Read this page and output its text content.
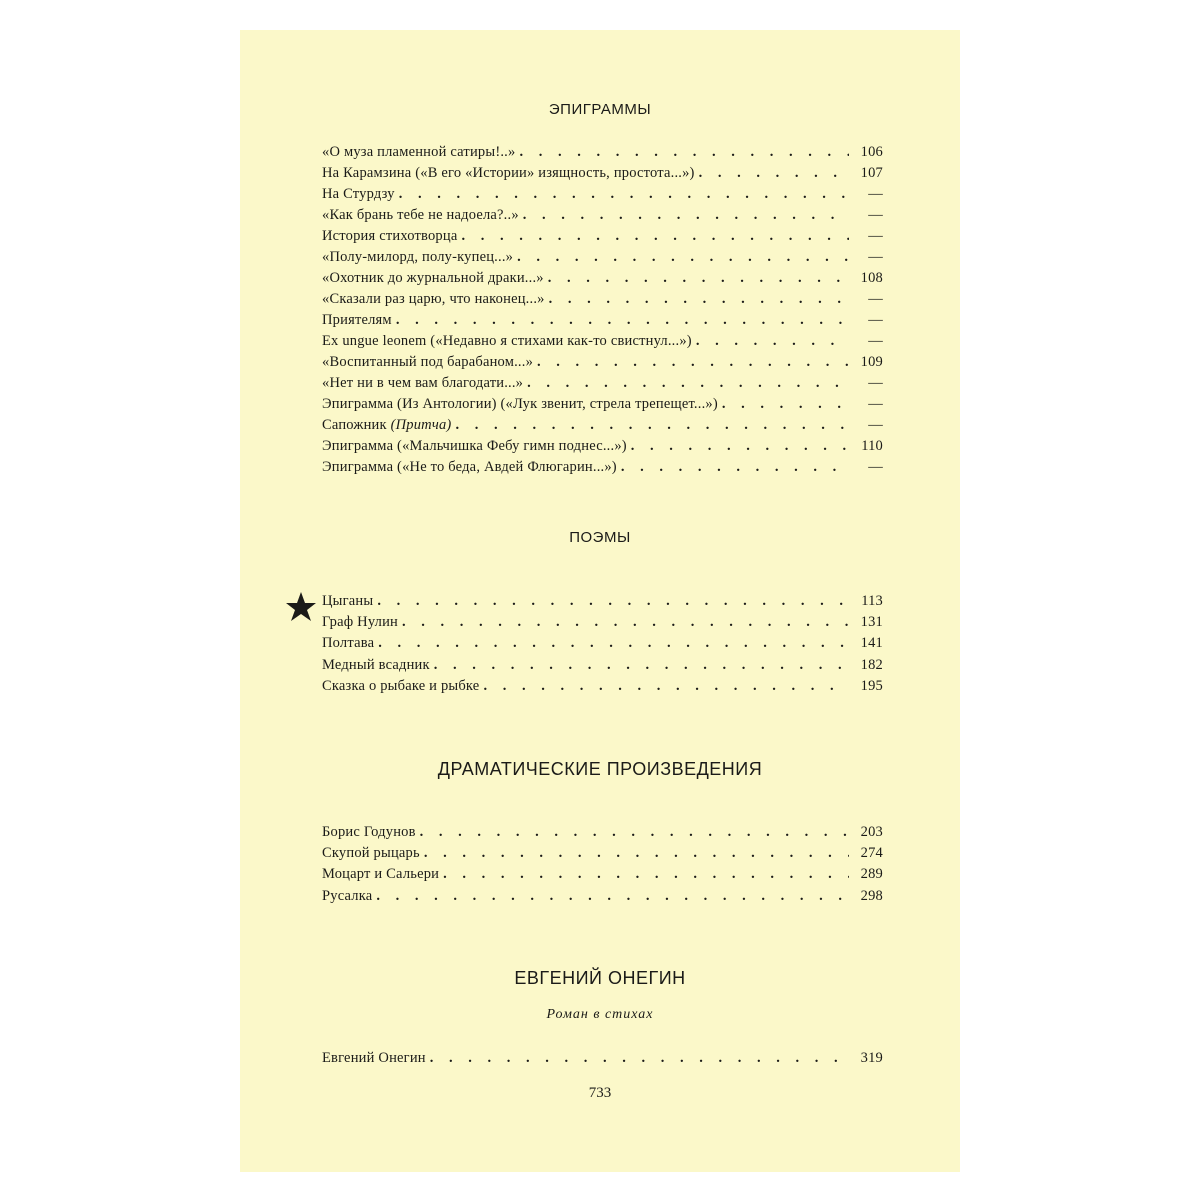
ЭПИГРАММЫ
«О муза пламенной сатиры!..» . . .	106
На Карамзина («В его «Истории» изящность, простота...») . . .	107
На Стурдзу . . .	—
«Как брань тебе не надоела?..» . . .	—
История стихотворца . . .	—
«Полу-милорд, полу-купец...» . . .	—
«Охотник до журнальной драки...» . . .	108
«Сказали раз царю, что наконец...» . . .	—
Приятелям . . .	—
Ex ungue leonem («Недавно я стихами как-то свистнул...») . . .	—
«Воспитанный под барабаном...» . . .	109
«Нет ни в чем вам благодати...» . . .	—
Эпиграмма (Из Антологии) («Лук звенит, стрела трепещет...») . . .	—
Сапожник (Притча) . . .	—
Эпиграмма («Мальчишка Фебу гимн поднес...») . . .	110
Эпиграмма («Не то беда, Авдей Флюгарин...») . . .	—
ПОЭМЫ
Цыганы . . .	113
Граф Нулин . . .	131
Полтава . . .	141
Медный всадник . . .	182
Сказка о рыбаке и рыбке . . .	195
ДРАМАТИЧЕСКИЕ ПРОИЗВЕДЕНИЯ
Борис Годунов . . .	203
Скупой рыцарь . . .	274
Моцарт и Сальери . . .	289
Русалка . . .	298
ЕВГЕНИЙ ОНЕГИН
Роман в стихах
Евгений Онегин . . .	319
733
